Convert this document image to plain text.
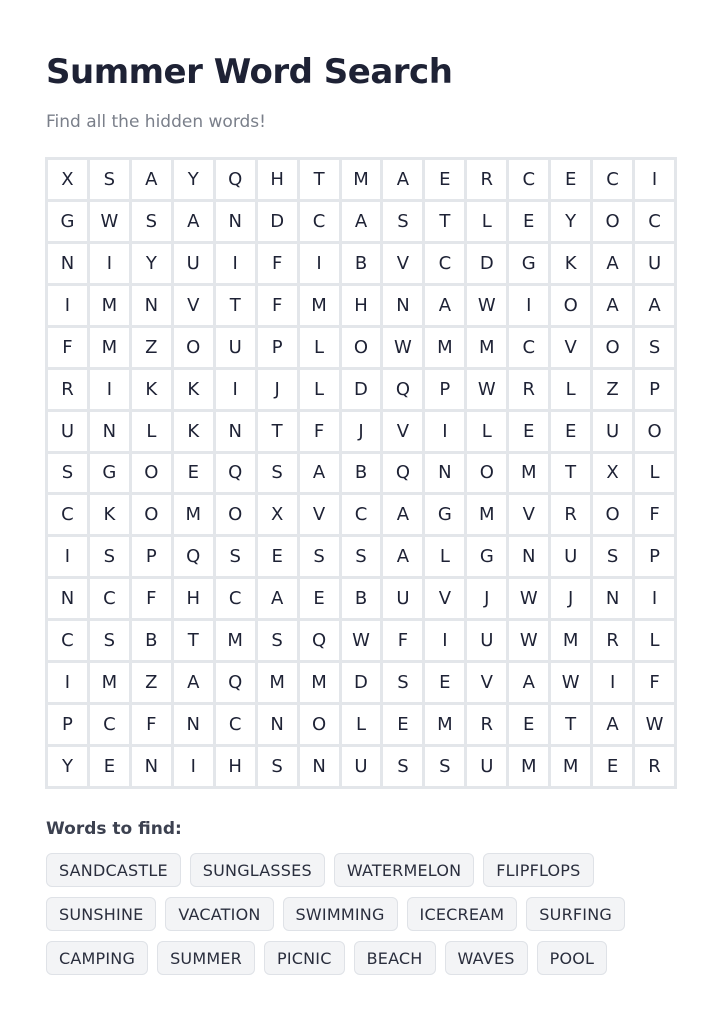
Summer Word Search

Find all the hidden words!

X	S	A	Y	Q	H	T	M	A	E	R	C	E	C	I
G	W	S	A	N	D	C	A	S	T	L	E	Y	O	C
N	I	Y	U	I	F	I	B	V	C	D	G	K	A	U
I	M	N	V	T	F	M	H	N	A	W	I	O	A	A
F	M	Z	O	U	P	L	O	W	M	M	C	V	O	S
R	I	K	K	I	J	L	D	Q	P	W	R	L	Z	P
U	N	L	K	N	T	F	J	V	I	L	E	E	U	O
S	G	O	E	Q	S	A	B	Q	N	O	M	T	X	L
C	K	O	M	O	X	V	C	A	G	M	V	R	O	F
I	S	P	Q	S	E	S	S	A	L	G	N	U	S	P
N	C	F	H	C	A	E	B	U	V	J	W	J	N	I
C	S	B	T	M	S	Q	W	F	I	U	W	M	R	L
I	M	Z	A	Q	M	M	D	S	E	V	A	W	I	F
P	C	F	N	C	N	O	L	E	M	R	E	T	A	W
Y	E	N	I	H	S	N	U	S	S	U	M	M	E	R
Words to find:
SANDCASTLE	SUNGLASSES	WATERMELON	FLIPFLOPS
SUNSHINE	VACATION	SWIMMING	ICECREAM	SURFING
CAMPING	SUMMER	PICNIC	BEACH	WAVES	POOL
